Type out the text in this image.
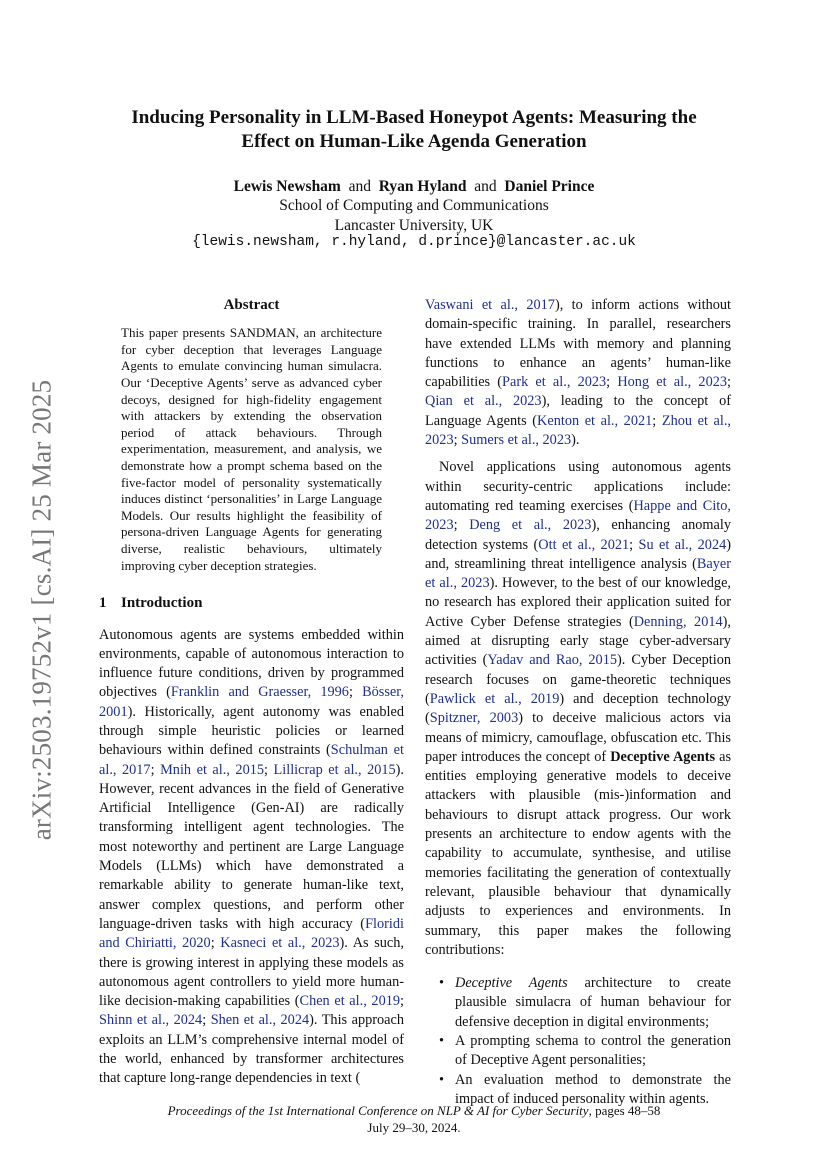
arXiv:2503.19752v1 [cs.AI] 25 Mar 2025
Inducing Personality in LLM-Based Honeypot Agents: Measuring the
Effect on Human-Like Agenda Generation
Lewis Newsham and Ryan Hyland and Daniel Prince
School of Computing and Communications
Lancaster University, UK
{lewis.newsham, r.hyland, d.prince}@lancaster.ac.uk
Abstract
This paper presents SANDMAN, an architecture for cyber deception that leverages Language Agents to emulate convincing human simulacra. Our ‘Deceptive Agents’ serve as advanced cyber decoys, designed for high-fidelity engagement with attackers by extending the observation period of attack behaviours. Through experimentation, measurement, and analysis, we demonstrate how a prompt schema based on the five-factor model of personality systematically induces distinct ‘personalities’ in Large Language Models. Our results highlight the feasibility of persona-driven Language Agents for generating diverse, realistic behaviours, ultimately improving cyber deception strategies.
1 Introduction

Autonomous agents are systems embedded within environments, capable of autonomous interaction to influence future conditions, driven by programmed objectives (Franklin and Graesser, 1996; Bösser, 2001). Historically, agent autonomy was enabled through simple heuristic policies or learned behaviours within defined constraints (Schulman et al., 2017; Mnih et al., 2015; Lillicrap et al., 2015). However, recent advances in the field of Generative Artificial Intelligence (Gen-AI) are radically transforming intelligent agent technologies. The most noteworthy and pertinent are Large Language Models (LLMs) which have demonstrated a remarkable ability to generate human-like text, answer complex questions, and perform other language-driven tasks with high accuracy (Floridi and Chiriatti, 2020; Kasneci et al., 2023). As such, there is growing interest in applying these models as autonomous agent controllers to yield more human-like decision-making capabilities (Chen et al., 2019; Shinn et al., 2024; Shen et al., 2024). This approach exploits an LLM’s comprehensive internal model of the world, enhanced by transformer architectures that capture long-range dependencies in text (

Vaswani et al., 2017), to inform actions without domain-specific training. In parallel, researchers have extended LLMs with memory and planning functions to enhance an agents’ human-like capabilities (Park et al., 2023; Hong et al., 2023; Qian et al., 2023), leading to the concept of Language Agents (Kenton et al., 2021; Zhou et al., 2023; Sumers et al., 2023).

Novel applications using autonomous agents within security-centric applications include: automating red teaming exercises (Happe and Cito, 2023; Deng et al., 2023), enhancing anomaly detection systems (Ott et al., 2021; Su et al., 2024) and, streamlining threat intelligence analysis (Bayer et al., 2023). However, to the best of our knowledge, no research has explored their application suited for Active Cyber Defense strategies (Denning, 2014), aimed at disrupting early stage cyber-adversary activities (Yadav and Rao, 2015). Cyber Deception research focuses on game-theoretic techniques (Pawlick et al., 2019) and deception technology (Spitzner, 2003) to deceive malicious actors via means of mimicry, camouflage, obfuscation etc. This paper introduces the concept of Deceptive Agents as entities employing generative models to deceive attackers with plausible (mis-)information and behaviours to disrupt attack progress. Our work presents an architecture to endow agents with the capability to accumulate, synthesise, and utilise memories facilitating the generation of contextually relevant, plausible behaviour that dynamically adjusts to experiences and environments. In summary, this paper makes the following contributions:

• Deceptive Agents architecture to create plausible simulacra of human behaviour for defensive deception in digital environments;
• A prompting schema to control the generation of Deceptive Agent personalities;
• An evaluation method to demonstrate the impact of induced personality within agents.
Proceedings of the 1st International Conference on NLP & AI for Cyber Security, pages 48–58
July 29–30, 2024.
